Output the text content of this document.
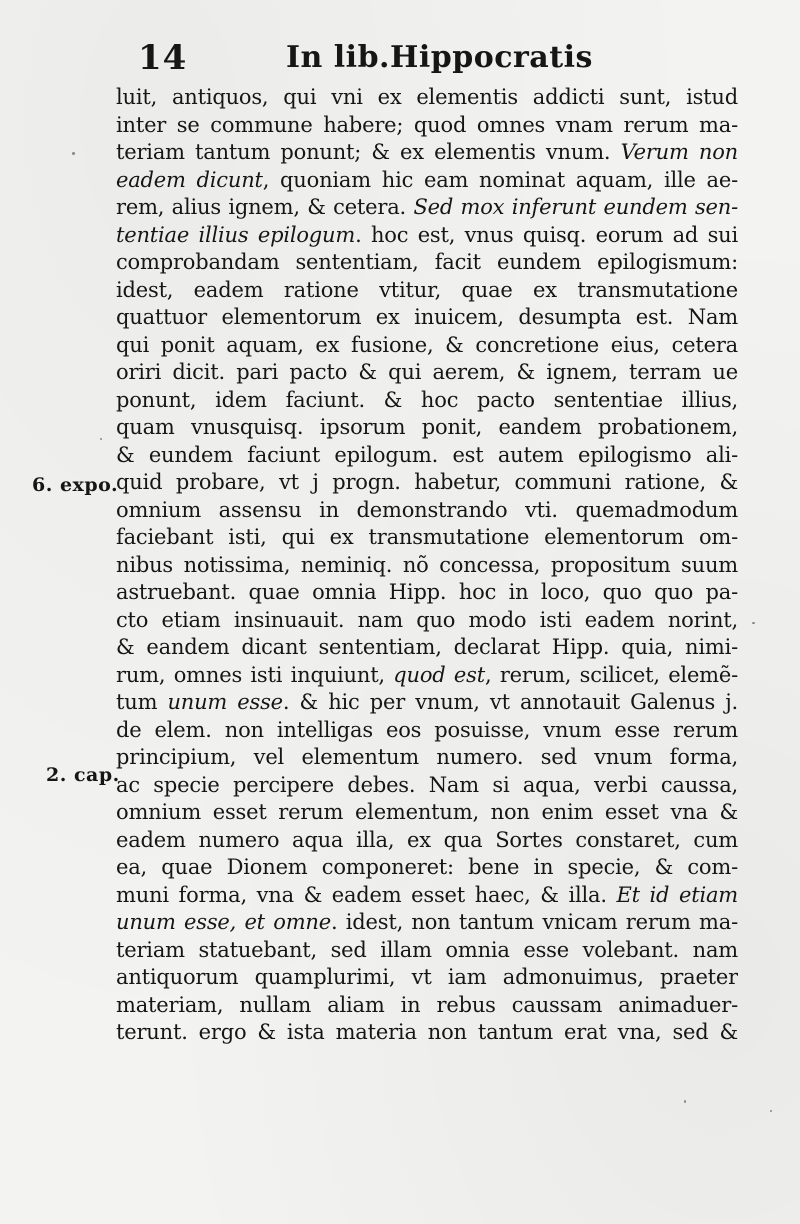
14	In lib.Hippocratis
6. expo.
2. cap.
luit, antiquos, qui vni ex elementis addicti sunt, istud
inter se commune habere; quod omnes vnam rerum ma-
teriam tantum ponunt; & ex elementis vnum. Verum non
eadem dicunt, quoniam hic eam nominat aquam, ille ae-
rem, alius ignem, & cetera. Sed mox inferunt eundem sen-
tentiae illius epilogum. hoc est, vnus quisq. eorum ad sui
comprobandam sententiam, facit eundem epilogismum:
idest, eadem ratione vtitur, quae ex transmutatione
quattuor elementorum ex inuicem, desumpta est. Nam
qui ponit aquam, ex fusione, & concretione eius, cetera
oriri dicit. pari pacto & qui aerem, & ignem, terram ue
ponunt, idem faciunt. & hoc pacto sententiae illius,
quam vnusquisq. ipsorum ponit, eandem probationem,
& eundem faciunt epilogum. est autem epilogismo ali-
quid probare, vt j progn. habetur, communi ratione, &
omnium assensu in demonstrando vti. quemadmodum
faciebant isti, qui ex transmutatione elementorum om-
nibus notissima, neminiq. nõ concessa, propositum suum
astruebant. quae omnia Hipp. hoc in loco, quo quo pa-
cto etiam insinuauit. nam quo modo isti eadem norint,
& eandem dicant sententiam, declarat Hipp. quia, nimi-
rum, omnes isti inquiunt, quod est, rerum, scilicet, elemẽ-
tum unum esse. & hic per vnum, vt annotauit Galenus j.
de elem. non intelligas eos posuisse, vnum esse rerum
principium, vel elementum numero. sed vnum forma,
ac specie percipere debes. Nam si aqua, verbi caussa,
omnium esset rerum elementum, non enim esset vna &
eadem numero aqua illa, ex qua Sortes constaret, cum
ea, quae Dionem componeret: bene in specie, & com-
muni forma, vna & eadem esset haec, & illa. Et id etiam
unum esse, et omne. idest, non tantum vnicam rerum ma-
teriam statuebant, sed illam omnia esse volebant. nam
antiquorum quamplurimi, vt iam admonuimus, praeter
materiam, nullam aliam in rebus caussam animaduer-
terunt. ergo & ista materia non tantum erat vna, sed &
